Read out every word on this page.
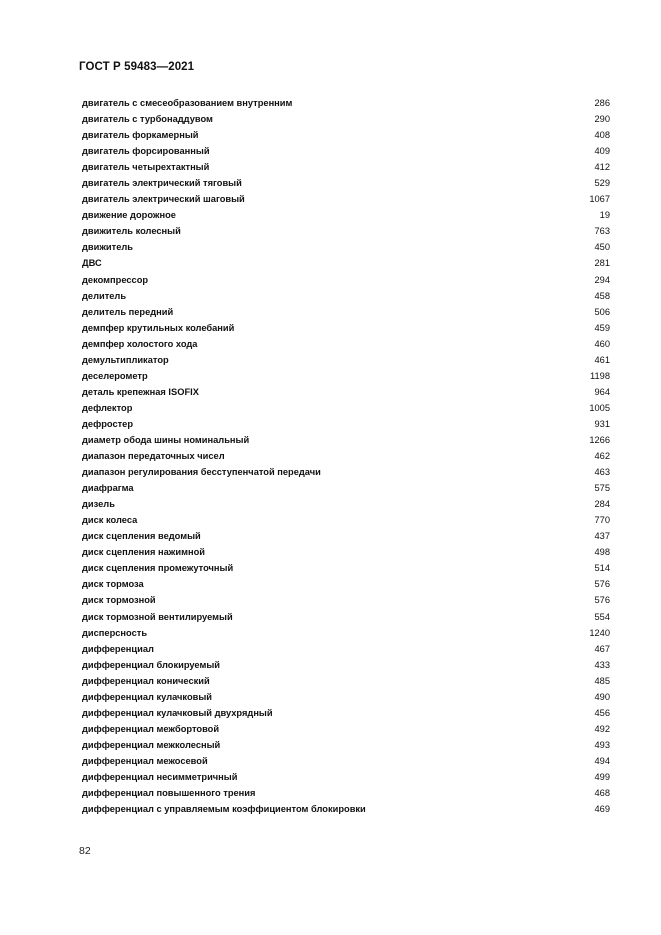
ГОСТ Р 59483—2021
двигатель с смесеобразованием внутренним	286
двигатель с турбонаддувом	290
двигатель форкамерный	408
двигатель форсированный	409
двигатель четырехтактный	412
двигатель электрический тяговый	529
двигатель электрический шаговый	1067
движение дорожное	19
движитель колесный	763
движитель	450
ДВС	281
декомпрессор	294
делитель	458
делитель передний	506
демпфер крутильных колебаний	459
демпфер холостого хода	460
демультипликатор	461
деселерометр	1198
деталь крепежная ISOFIX	964
дефлектор	1005
дефростер	931
диаметр обода шины номинальный	1266
диапазон передаточных чисел	462
диапазон регулирования бесступенчатой передачи	463
диафрагма	575
дизель	284
диск колеса	770
диск сцепления ведомый	437
диск сцепления нажимной	498
диск сцепления промежуточный	514
диск тормоза	576
диск тормозной	576
диск тормозной вентилируемый	554
дисперсность	1240
дифференциал	467
дифференциал блокируемый	433
дифференциал конический	485
дифференциал кулачковый	490
дифференциал кулачковый двухрядный	456
дифференциал межбортовой	492
дифференциал межколесный	493
дифференциал межосевой	494
дифференциал несимметричный	499
дифференциал повышенного трения	468
дифференциал с управляемым коэффициентом блокировки	469
82
